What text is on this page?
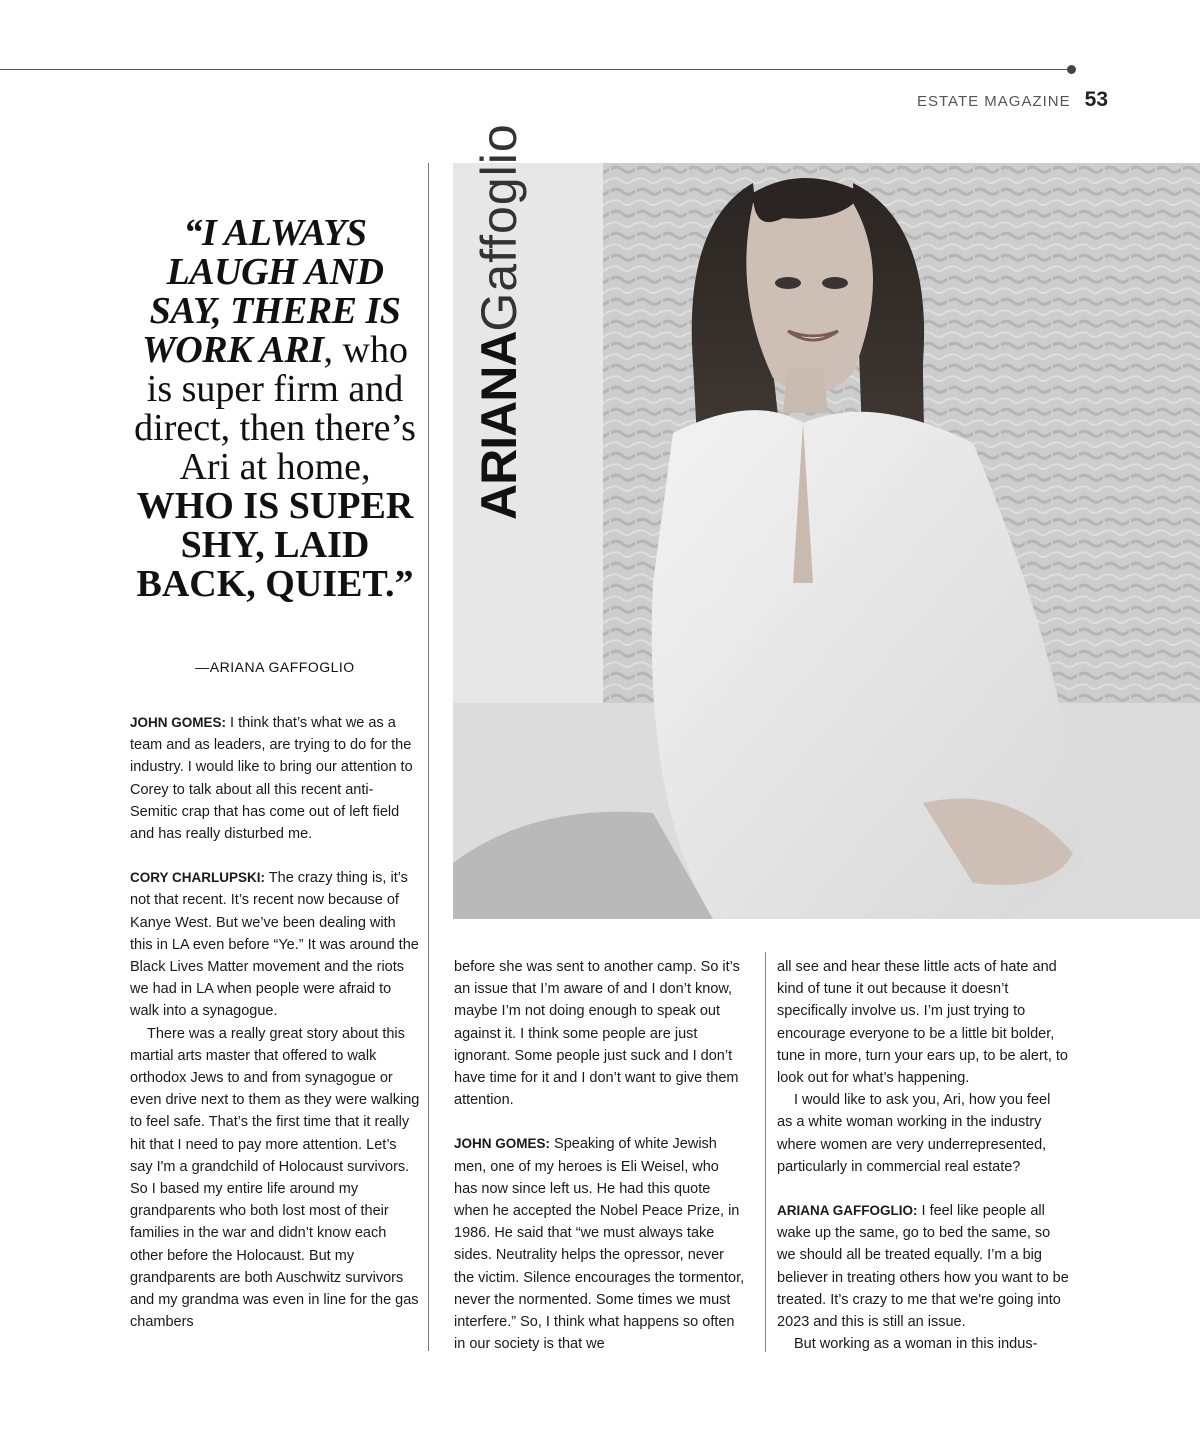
ESTATE MAGAZINE 53
“I ALWAYS LAUGH AND SAY, THERE IS WORK ARI, who is super firm and direct, then there’s Ari at home, WHO IS SUPER SHY, LAID BACK, QUIET.”
—ARIANA GAFFOGLIO

JOHN GOMES: I think that’s what we as a team and as leaders, are trying to do for the industry. I would like to bring our attention to Corey to talk about all this recent anti-Semitic crap that has come out of left field and has really disturbed me.

CORY CHARLUPSKI: The crazy thing is, it’s not that recent. It’s recent now because of Kanye West. But we’ve been dealing with this in LA even before “Ye.” It was around the Black Lives Matter movement and the riots we had in LA when people were afraid to walk into a synagogue.

There was a really great story about this martial arts master that offered to walk orthodox Jews to and from synagogue or even drive next to them as they were walking to feel safe. That’s the first time that it really hit that I need to pay more attention. Let’s say I'm a grandchild of Holocaust survivors. So I based my entire life around my grandparents who both lost most of their families in the war and didn’t know each other before the Holocaust. But my grandparents are both Auschwitz survivors and my grandma was even in line for the gas chambers

ARIANAGaffoglio

before she was sent to another camp. So it’s an issue that I’m aware of and I don’t know, maybe I’m not doing enough to speak out against it. I think some people are just ignorant. Some people just suck and I don’t have time for it and I don’t want to give them attention.

JOHN GOMES: Speaking of white Jewish men, one of my heroes is Eli Weisel, who has now since left us. He had this quote when he accepted the Nobel Peace Prize, in 1986. He said that “we must always take sides. Neutrality helps the opressor, never the victim. Silence encourages the tormentor, never the normented. Some times we must interfere.” So, I think what happens so often in our society is that we

all see and hear these little acts of hate and kind of tune it out because it doesn’t specifically involve us. I’m just trying to encourage everyone to be a little bit bolder, tune in more, turn your ears up, to be alert, to look out for what’s happening.

I would like to ask you, Ari, how you feel as a white woman working in the industry where women are very underrepresented, particularly in commercial real estate?

ARIANA GAFFOGLIO: I feel like people all wake up the same, go to bed the same, so we should all be treated equally. I’m a big believer in treating others how you want to be treated. It’s crazy to me that we're going into 2023 and this is still an issue.

But working as a woman in this indus-
